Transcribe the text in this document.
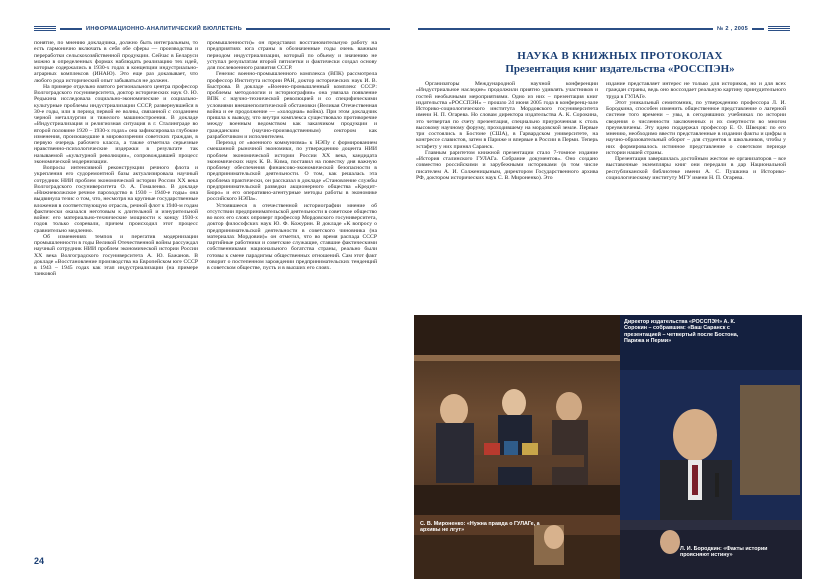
ИНФОРМАЦИОННО-АНАЛИТИЧЕСКИЙ БЮЛЛЕТЕНЬ

понятие, по мнению докладчика, должно быть интегральным, то есть гармонично включать в себя обе сферы — производства и переработки сельскохозяйственной продукции. Сейчас в Беларуси можно в определенных формах наблюдать реализацию тех идей, которые содержались в 1930-х годах в концепции индустриально-аграрных комплексов (ИНАЮ). Это еще раз доказывает, что любого рода исторический опыт забываться не должен.

На примере отдельно взятого регионального центра профессор Волгоградского госуниверситета, доктор исторических наук О. Ю. Редькина исследовала социально-экономические и социально-культурные проблемы индустриализации СССР, развернувшейся в 30-е годы, или в период первой ее волны, связанной с созданием черной металлургии и тяжелого машиностроения. В докладе «Индустриализация и религиозная ситуация в г. Сталинграде во второй половине 1920 – 1930-х годах» она зафиксировала глубокие изменения, произошедшие в мировоззрении советских граждан, в первую очередь рабочего класса, а также отметила серьезные нравственно-психологические издержки в результате так называемой «культурной революции», сопровождавшей процесс экономической модернизации.

Вопросы интенсивной реконструкции речного флота и укрепления его судоремонтной базы актуализировала научный сотрудник НИИ проблем экономической истории России XX века Волгоградского госуниверситета О. А. Гомаленко. В докладе «Нижневолжское речное пароходство в 1930 – 1940-е годы» она выдвинула тезис о том, что, несмотря на крупные государственные вложения в соответствующую отрасль, речной флот к 1940-м годам фактически оказался неготовым к длительной и изнурительной войне: его материально-технические мощности к концу 1930-х годов только созревали, причем происходил этот процесс сравнительно медленно.

Об изменениях темпов и перегатив модернизации промышленности в годы Великой Отечественной войны рассуждал научный сотрудник НИИ проблем экономической истории России XX века Волгоградского госуниверситета А. Ю. Бажанов. В докладе «Восстановление производства на Европейском юге СССР в 1943 – 1945 годах как этап индустриализации (на примере танковой

промышленности)» он представил восстановительную работу на предприятиях юга страны в обозначенные годы очень важным периодом индустриализации, который по объему и значению не уступал результатам второй пятилетки и фактически создал основу для послевоенного развития СССР.

Генезис военно-промышленного комплекса (ВПК) рассмотрела профессор Института истории РАН, доктор исторических наук И. В. Быстрова. В докладе «Военно-промышленный комплекс СССР: проблемы методологии и историографии» она увязала появление ВПК с научно-технической революцией и со специфическими условиями внешнеполитической обстановки (Великая Отечественная война и ее продолжение — «холодная» война). При этом докладчик пришла к выводу, что внутри комплекса существовало противоречие между военным ведомством как заказчиком продукции и гражданским (научно-производственным) сектором как разработчиком и исполнителем.

Переход от «военного коммунизма» к НЭПу с формированием смешанной рыночной экономики, по утверждению доцента НИИ проблем экономической истории России XX века, кандидата экономических наук К. В. Кима, поставил на повестку дня важную проблему обеспечения финансово-экономической безопасности в предпринимательской деятельности. О том, как решалась эта проблема практически, он рассказал в докладе «Становление службы предпринимательской разведки акционерного общества «Кредит-Бюро» и его оперативно-агентурные методы работы в экономике российского НЭПа».

Устоявшееся в отечественной историографии мнение об отсутствии предпринимательской деятельности в советское общество во всех его слоях опроверг профессор Мордовского госуниверситета, доктор философских наук Ю. Ф. Кожурин. В докладе «К вопросу о предпринимательской деятельности в советского чиновника (на материалах Мордовии)» он отметил, что во время распада СССР партийные работники и советские служащие, ставшие фактическими собственниками национального богатства страны, реально были готовы к смене парадигмы общественных отношений. Сам этот факт говорит о постепенном зарождении предпринимательских тенденций в советском обществе, пусть и в высших его слоях.

24
№ 2 , 2005
НАУКА В КНИЖНЫХ ПРОТОКОЛАХ
Презентация книг издательства «РОССПЭН»

Организаторы Международной научной конференции «Индустриальное наследие» продолжили приятно удивлять участников и гостей необычными мероприятиями. Одно из них – презентация книг издательства «РОССПЭН» – прошло 24 июня 2005 года в конференц-зале Историко-социологического института Мордовского госуниверситета имени Н. П. Огарева. Но словам директора издательства А. К. Сорокина, это четвертая по счету презентация, специально приуроченная к столь высокому научному форуму, проходившему на мордовской земле. Первые три состоялись в Бостоне (США), в Гарвардском университете, на конгрессе славистов, затем в Париже и впервые в России в Перми. Теперь эстафету у них принял Саранск.

Главным раритетом книжной презентации стало 7-томное издание «История сталинского ГУЛАГа. Собрание документов». Оно создано совместно российскими и зарубежными историками (в том числе писателем А. И. Солженицыным, директором Государственного архива РФ, доктором исторических наук С. В. Мироненко). Это

издание представляет интерес не только для историков, но и для всех граждан страны, ведь оно воссоздает реальную картину принудительного труда в ГУЛАГе.

Этот уникальный семитомник, по утверждению профессора Л. И. Бородкина, способен изменить общественное представление о лагерной системе того времени – увы, в сегодняшних учебниках по истории сведения о численности заключенных и их смертности во многом преувеличены. Эту идею поддержал профессор Е. О. Швецов: по его мнению, необходимо ввести представленные в издании факты и цифры в научно-образовательный оборот – для студентов и школьников, чтобы у них формировалось истинное представление о советском периоде истории нашей страны.

Презентация завершилась достойным жестом ее организаторов – все выставочные экземпляры книг они передали в дар Национальной республиканской библиотеке имени А. С. Пушкина и Историко-социологическому институту МГУ имени Н. П. Огарева.

Директор издательства «РОССПЭН» А. К. Сорокин – собравшим: «Ваш Саранск с презентацией – четвертый после Бостона, Парижа и Перми»
С. В. Мироненко: «Нужна правда о ГУЛАГе, а архивы не лгут»
Л. И. Бородкин: «Факты истории проясняют истину»
